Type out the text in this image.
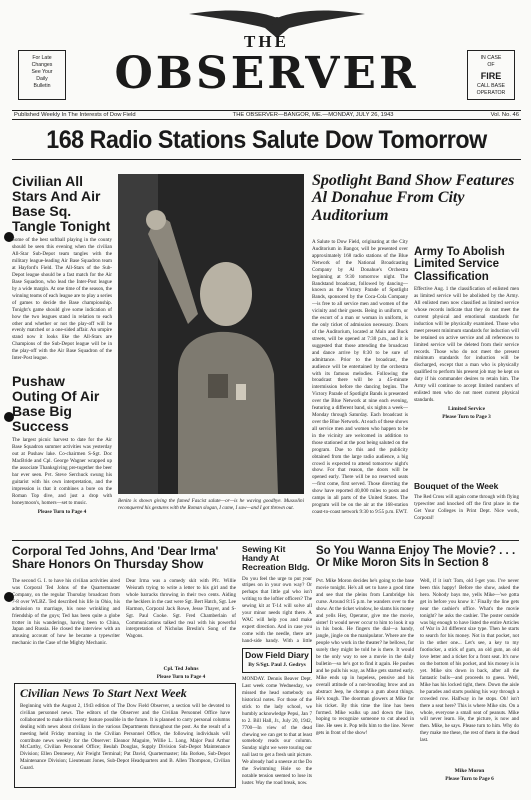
THE
OBSERVER
For Late
Changes
See Your
Daily
Bulletin
IN CASE
OF
FIRE
CALL BASE
OPERATOR
Published Weekly In The Interests of Dow Field	THE OBSERVER—BANGOR, ME.—MONDAY, JULY 26, 1943	Vol. No. 46
168 Radio Stations Salute Dow Tomorrow
Civilian All Stars And Air Base Sq. Tangle Tonight

Some of the best softball playing in the county should be seen this evening when the civilian All-Star Sub-Depot team tangles with the military league-leading Air Base Squadron team at Hayford's Field. The All-Stars of the Sub-Depot league should be a fast match for the Air Base Squadron, who lead the Inter-Post league by a wide margin. At one time of the season, the winning teams of each league are to play a series of games to decide the Base championship. Tonight's game should give some indication of how the two leagues stand in relation to each other and whether or not the play-off will be evenly matched or a one-sided affair. An umpire stand now it looks like the All-Stars are Champions of the Sub-Depot league will be in the play-off with the Air Base Squadron of the Inter-Post league.

Pushaw Outing Of Air Base Big Success

The largest picnic harvest to date for the Air Base Squadron summer activities was yesterday out at Pushaw lake. Co-chairmen S-Sgt. Doc MacBride and Cpl. George Wagner wrapped up the associate Thanksgiving pre-together the beer bar ever seen. Pvt. Steve Serchuck swung his guitarist with his own interpretation, and the impression is that it combines a bore on the Roman Top dive, and just a drop with honeymoon's, homers—set to music.

Please Turn to Page 4
Benito is shown giving the famed Fascist salute—or—is he waving goodbye. Mussolini reconquered his gestures with the Roman slogan, I came, I saw—and I got thrown out.
Spotlight Band Show Features Al Donahue From City Auditorium

A Salute to Dow Field, originating at the City Auditorium in Bangor, will be presented over approximately 168 radio stations of the Blue Network of the National Broadcasting Company by Al Donahue's Orchestra beginning at 9:30 tomorrow night. The Bandstand broadcast, followed by dancing—known as the Victory Parade of Spotlight Bands, sponsored by the Coca-Cola Company—is free to all service men and women of the vicinity and their guests. Being in uniform, or the escort of a man or woman in uniform, is the only ticket of admission necessary. Doors of the Auditorium, located at Main and Buck streets, will be opened at 7:30 p.m., and it is suggested that those attending the broadcast and dance arrive by 8:30 to be sure of admittance. Prior to the broadcast, the audience will be entertained by the orchestra with its famous melodies. Following the broadcast there will be a 45-minute intermission before the dancing begins. The Victory Parade of Spotlight Bands is presented over the Blue Network at nine each evening, featuring a different band, six nights a week—Monday through Saturday. Each broadcast is over the Blue Network. At each of these shows all service men and women who happen to be in the vicinity are welcomed in addition to those stationed at the post being saluted on the program. Due to this and the publicity obtained from the large radio audience, a big crowd is expected to attend tomorrow night's show. For that reason, the doors will be opened early. There will be no reserved seats—first come, first served. Those directing the show have reported 40,000 miles to posts and camps in all parts of the United States. The program will be on the air at the 168-station coast-to-coast network 9:30 to 9:55 p.m. EWT.

Army To Abolish Limited Service Classification

Effective Aug. 1 the classification of enlisted men as limited service will be abolished by the Army. All enlisted men now classified as limited service whose records indicate that they do not meet the current physical and emotional standards for induction will be physically examined. Those who meet present minimum standards for induction will be retained on active service and all references to limited service will be deleted from their service records. Those who do not meet the present minimum standards for induction will be discharged, except that a man who is physically qualified to perform his present job may be kept on duty if his commander desires to retain him. The Army will continue to accept limited numbers of enlisted men who do not meet current physical standards.

Limited Service
Please Turn to Page 3
Bouquet of the Week

The Red Cross will again come through with flying typewriter and knocked off the first place in the Get Your Colleges in Print Dept. Nice work, Corporal!

Corporal Ted Johns, And 'Dear Irma' Share Honors On Thursday Show

The second G. I. to have his civilian activities aired was Corporal Ted Johns of the Quartermaster Company, on the regular Thursday broadcast from 7-8 over WLBZ. Ted described his life in Ohio, his admission to marriage, his nose wrinkling and friendship of the guys; Ted has been quite a globe trotter in his wanderings, having been to China, Japan and Russia. He closed the interview with an amusing account of how he became a typewriter mechanic in the Case of the Mighty Mechanic.

Dear Irma was a comedy skit with Pfc. Willie Weisrath trying to write a letter to his girl and the whole barracks throwing in their two cents. Aiding the hecklers in the cast were Sgt. Bert Hatch, Sgt. Lee Harmon, Corporal Jack Rowe, Jesse Thayer, and S-Sgt. Paul Cooke. Sgt. Fred Chamberlain of Communications talked the real with his powerful interpretation of Nicholas Breslin's Song of the Wagons.

Cpl. Ted Johns
Please Turn to Page 4
Civilian News To Start Next Week

Beginning with the August 2, 1943 edition of The Dow Field Observer, a section will be devoted to civilian personnel news. The editors of the Observer and the Civilian Personnel Office have collaborated to make this twenty feature possible in the future. It is planned to carry personal columns dealing with news about civilians in the various Departments throughout the post. As the result of a meeting held Friday morning in the Civilian Personnel Office, the following individuals will contribute news weekly for the Observer: Eleanor Maguire, Willie L. Long, Major Paul Arthur McCarthy, Civilian Personnel Office; Beulah Douglas, Supply Division Sub-Depot Maintenance Division; Ellen Dennesey, Air Freight Terminal; Pat David, Quartermaster; Ida Borken, Sub-Depot Maintenance Division; Lieutenant Jones, Sub-Depot Headquarters and B. Allen Thompson, Civilian Guard.

Sewing Kit Handy At Recreation Bldg.

Do you feel the urge to put your stripes on in your own way? Or perhaps that little gal who isn't writing to the loftier officers? The sewing kit at T-14 will solve all your minor needs right there. A WAC will help you and make expert direction. And in case you come with the needle, there are hand-side handy. With a little

Dow Field Diary
By S/Sgt. Paul J. Gedrys

MONDAY. Dennis Beaver Dept. Last week come Wednesday, we missed the head somebody on historical notes. For those of the stick to the lady school, we humbly acknowledge Pepsi, Jan 7 to 2. Bill Hall, Jr., July 20, 1942, 7700—In view of the dead chewing we can get to that at least somebody reads our column. Sunday night we were touring our nail last to get a fresh unit picture. We already had a sneeze at the Do the Swimming Hole so the notable tension seemed to lose its luster. Way the road break, now.

So You Wanna Enjoy The Movie? . . . Or Mike Moron Sits In Section 8

Pvt. Mike Moron decides he's going to the base movie tonight. He's all set to have a good time and see that the pleins from Lambridge his curse. Around 8:15 p.m. he wanders over to the show. At the ticket window, he slams his money and yells Hey, Operator, give me the movie, sister! It would never occur to him to look it up in his book. He fingers the dial—a handy, jangle, jingle on the manipulator. Where are the people who work in the theater? he bellows, for surely they might be told he is there. It would be the only way to see a movie in the daily bulletin—so he's got to find it again. He pushes and he pulls his way, as Mike gets started early. Mike ends up in hopeless, pensive and his overall attitude of a not-brooding brow and an abstract Jeep, he chomps a gum about things. He's tough. The doorman glowers at Mike for his ticket. By this time the line has been formed. Mike walks up and down the line, hoping to recognize someone to cut ahead in line. He sees it. Pop tells him to the line. Never gets in front of the show!

Well, if it isn't Tom, old I-get you. I've never been this happy! Before the show, asked the hero. Nobody bays me, yells Mike—'we gotta get in before you know it.' Finally the line gets near the cashier's office. What's the movie tonight? he asks the cashier. The poster outside was big enough to have listed the entire Articles of War in 24 different size type. Then he starts to search for his money. Not in that pocket, not in the other one... Let's see, a key to my footlocker, a stick of gum, an old gum, an old love letter and a ticket for a front seat. It's now on the bottom of his pocket, and his money is in yet. Mike sits down in back, after all the fantastic bulls—and proceeds to guess. Well, Mike has his locked tight, there. Down the aisle he parades and starts pushing his way through a crowded row. Halfway in he stops. Oh! isn't there a seat here? This is where Mike sits. On a whole, everyone a small seat of peanuts. Mike will never learn. He, the picture, is now and then. Mike, he says. Please turn to him. Why do they make me these, the rest of them in the dead last.

Mike Moron
Please Turn to Page 6
